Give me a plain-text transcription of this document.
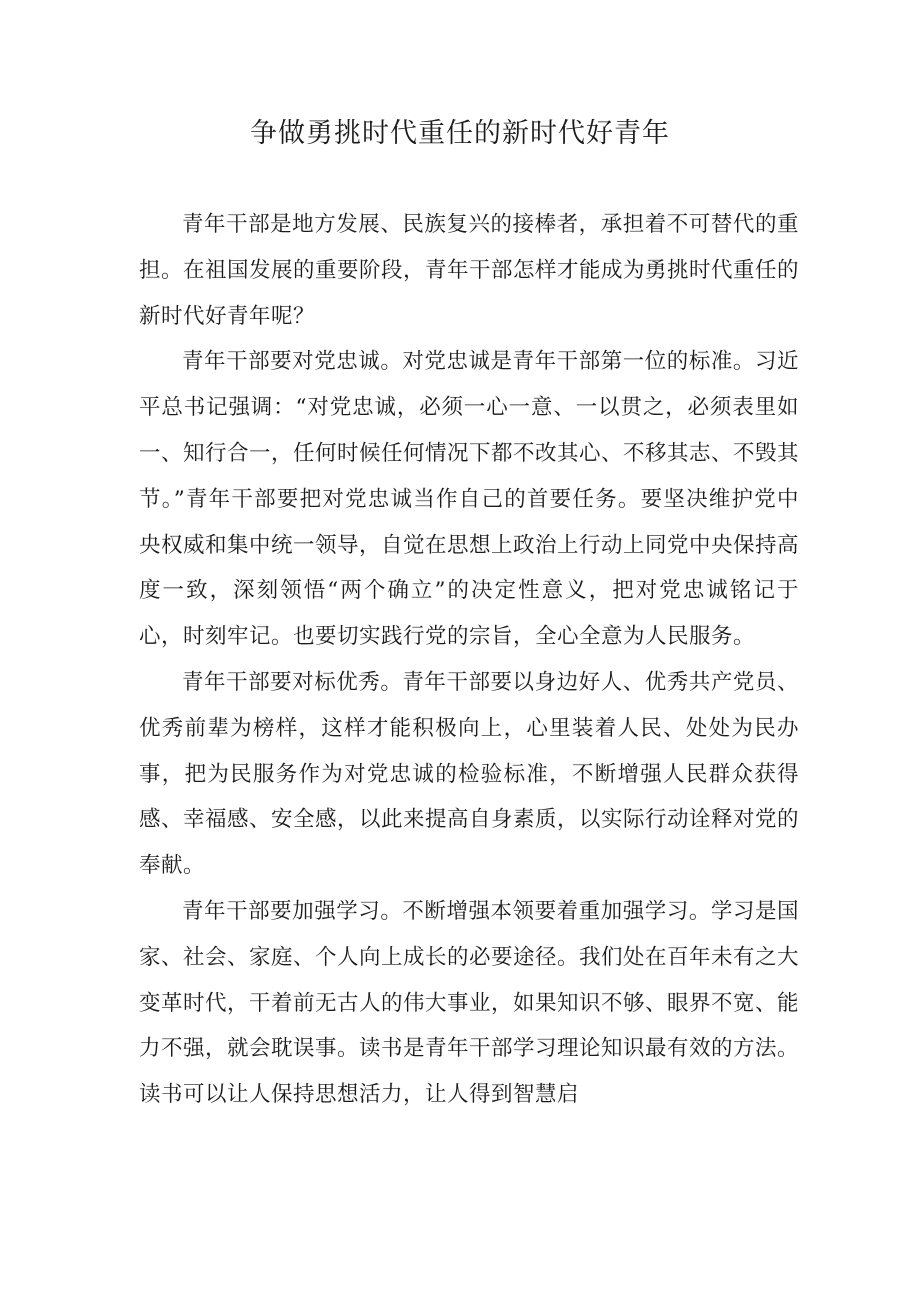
争做勇挑时代重任的新时代好青年

青年干部是地方发展、民族复兴的接棒者，承担着不可替代的重担。在祖国发展的重要阶段，青年干部怎样才能成为勇挑时代重任的新时代好青年呢？

青年干部要对党忠诚。对党忠诚是青年干部第一位的标准。习近平总书记强调：“对党忠诚，必须一心一意、一以贯之，必须表里如一、知行合一，任何时候任何情况下都不改其心、不移其志、不毁其节。”青年干部要把对党忠诚当作自己的首要任务。要坚决维护党中央权威和集中统一领导，自觉在思想上政治上行动上同党中央保持高度一致，深刻领悟“两个确立”的决定性意义，把对党忠诚铭记于心，时刻牢记。也要切实践行党的宗旨，全心全意为人民服务。

青年干部要对标优秀。青年干部要以身边好人、优秀共产党员、优秀前辈为榜样，这样才能积极向上，心里装着人民、处处为民办事，把为民服务作为对党忠诚的检验标准，不断增强人民群众获得感、幸福感、安全感，以此来提高自身素质，以实际行动诠释对党的奉献。

青年干部要加强学习。不断增强本领要着重加强学习。学习是国家、社会、家庭、个人向上成长的必要途径。我们处在百年未有之大变革时代，干着前无古人的伟大事业，如果知识不够、眼界不宽、能力不强，就会耽误事。读书是青年干部学习理论知识最有效的方法。读书可以让人保持思想活力，让人得到智慧启
